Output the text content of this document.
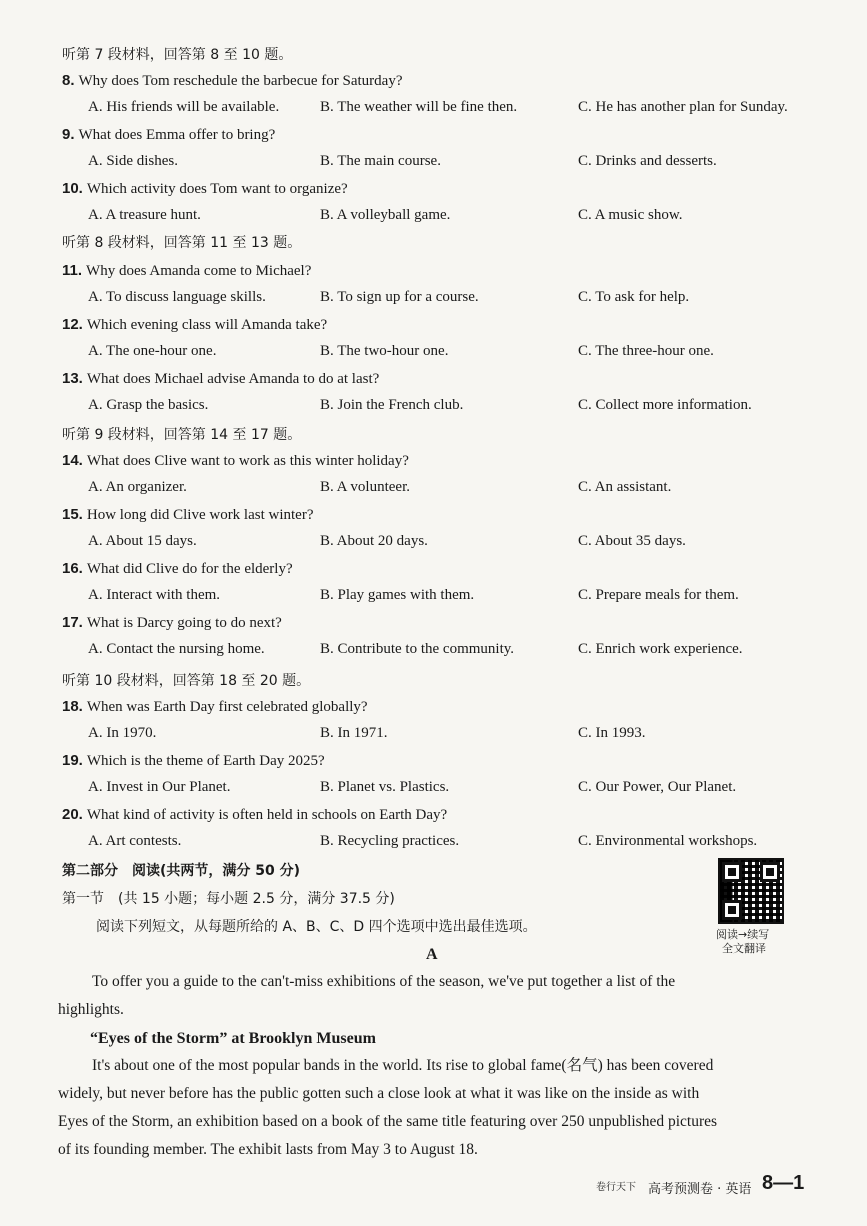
听第 7 段材料，回答第 8 至 10 题。
8. Why does Tom reschedule the barbecue for Saturday?
A. His friends will be available.	B. The weather will be fine then.	C. He has another plan for Sunday.
9. What does Emma offer to bring?
A. Side dishes.	B. The main course.	C. Drinks and desserts.
10. Which activity does Tom want to organize?
A. A treasure hunt.	B. A volleyball game.	C. A music show.
11. Why does Amanda come to Michael?
A. To discuss language skills.	B. To sign up for a course.	C. To ask for help.
12. Which evening class will Amanda take?
A. The one-hour one.	B. The two-hour one.	C. The three-hour one.
13. What does Michael advise Amanda to do at last?
A. Grasp the basics.	B. Join the French club.	C. Collect more information.
14. What does Clive want to work as this winter holiday?
A. An organizer.	B. A volunteer.	C. An assistant.
15. How long did Clive work last winter?
A. About 15 days.	B. About 20 days.	C. About 35 days.
16. What did Clive do for the elderly?
A. Interact with them.	B. Play games with them.	C. Prepare meals for them.
17. What is Darcy going to do next?
A. Contact the nursing home.	B. Contribute to the community.	C. Enrich work experience.
18. When was Earth Day first celebrated globally?
A. In 1970.	B. In 1971.	C. In 1993.
19. Which is the theme of Earth Day 2025?
A. Invest in Our Planet.	B. Planet vs. Plastics.	C. Our Power, Our Planet.
20. What kind of activity is often held in schools on Earth Day?
A. Art contests.	B. Recycling practices.	C. Environmental workshops.
听第 8 段材料，回答第 11 至 13 题。
听第 9 段材料，回答第 14 至 17 题。
听第 10 段材料，回答第 18 至 20 题。
第二部分　阅读(共两节，满分 50 分)
第一节　(共 15 小题；每小题 2.5 分，满分 37.5 分)
阅读下列短文，从每题所给的 A、B、C、D 四个选项中选出最佳选项。
A
阅读→续写
全文翻译
To offer you a guide to the can't-miss exhibitions of the season, we've put together a list of the
highlights.
“Eyes of the Storm” at Brooklyn Museum
It's about one of the most popular bands in the world. Its rise to global fame(名气) has been covered
widely, but never before has the public gotten such a close look at what it was like on the inside as with
Eyes of the Storm, an exhibition based on a book of the same title featuring over 250 unpublished pictures
of its founding member. The exhibit lasts from May 3 to August 18.
卷行天下 高考预测卷 · 英语 8—1
